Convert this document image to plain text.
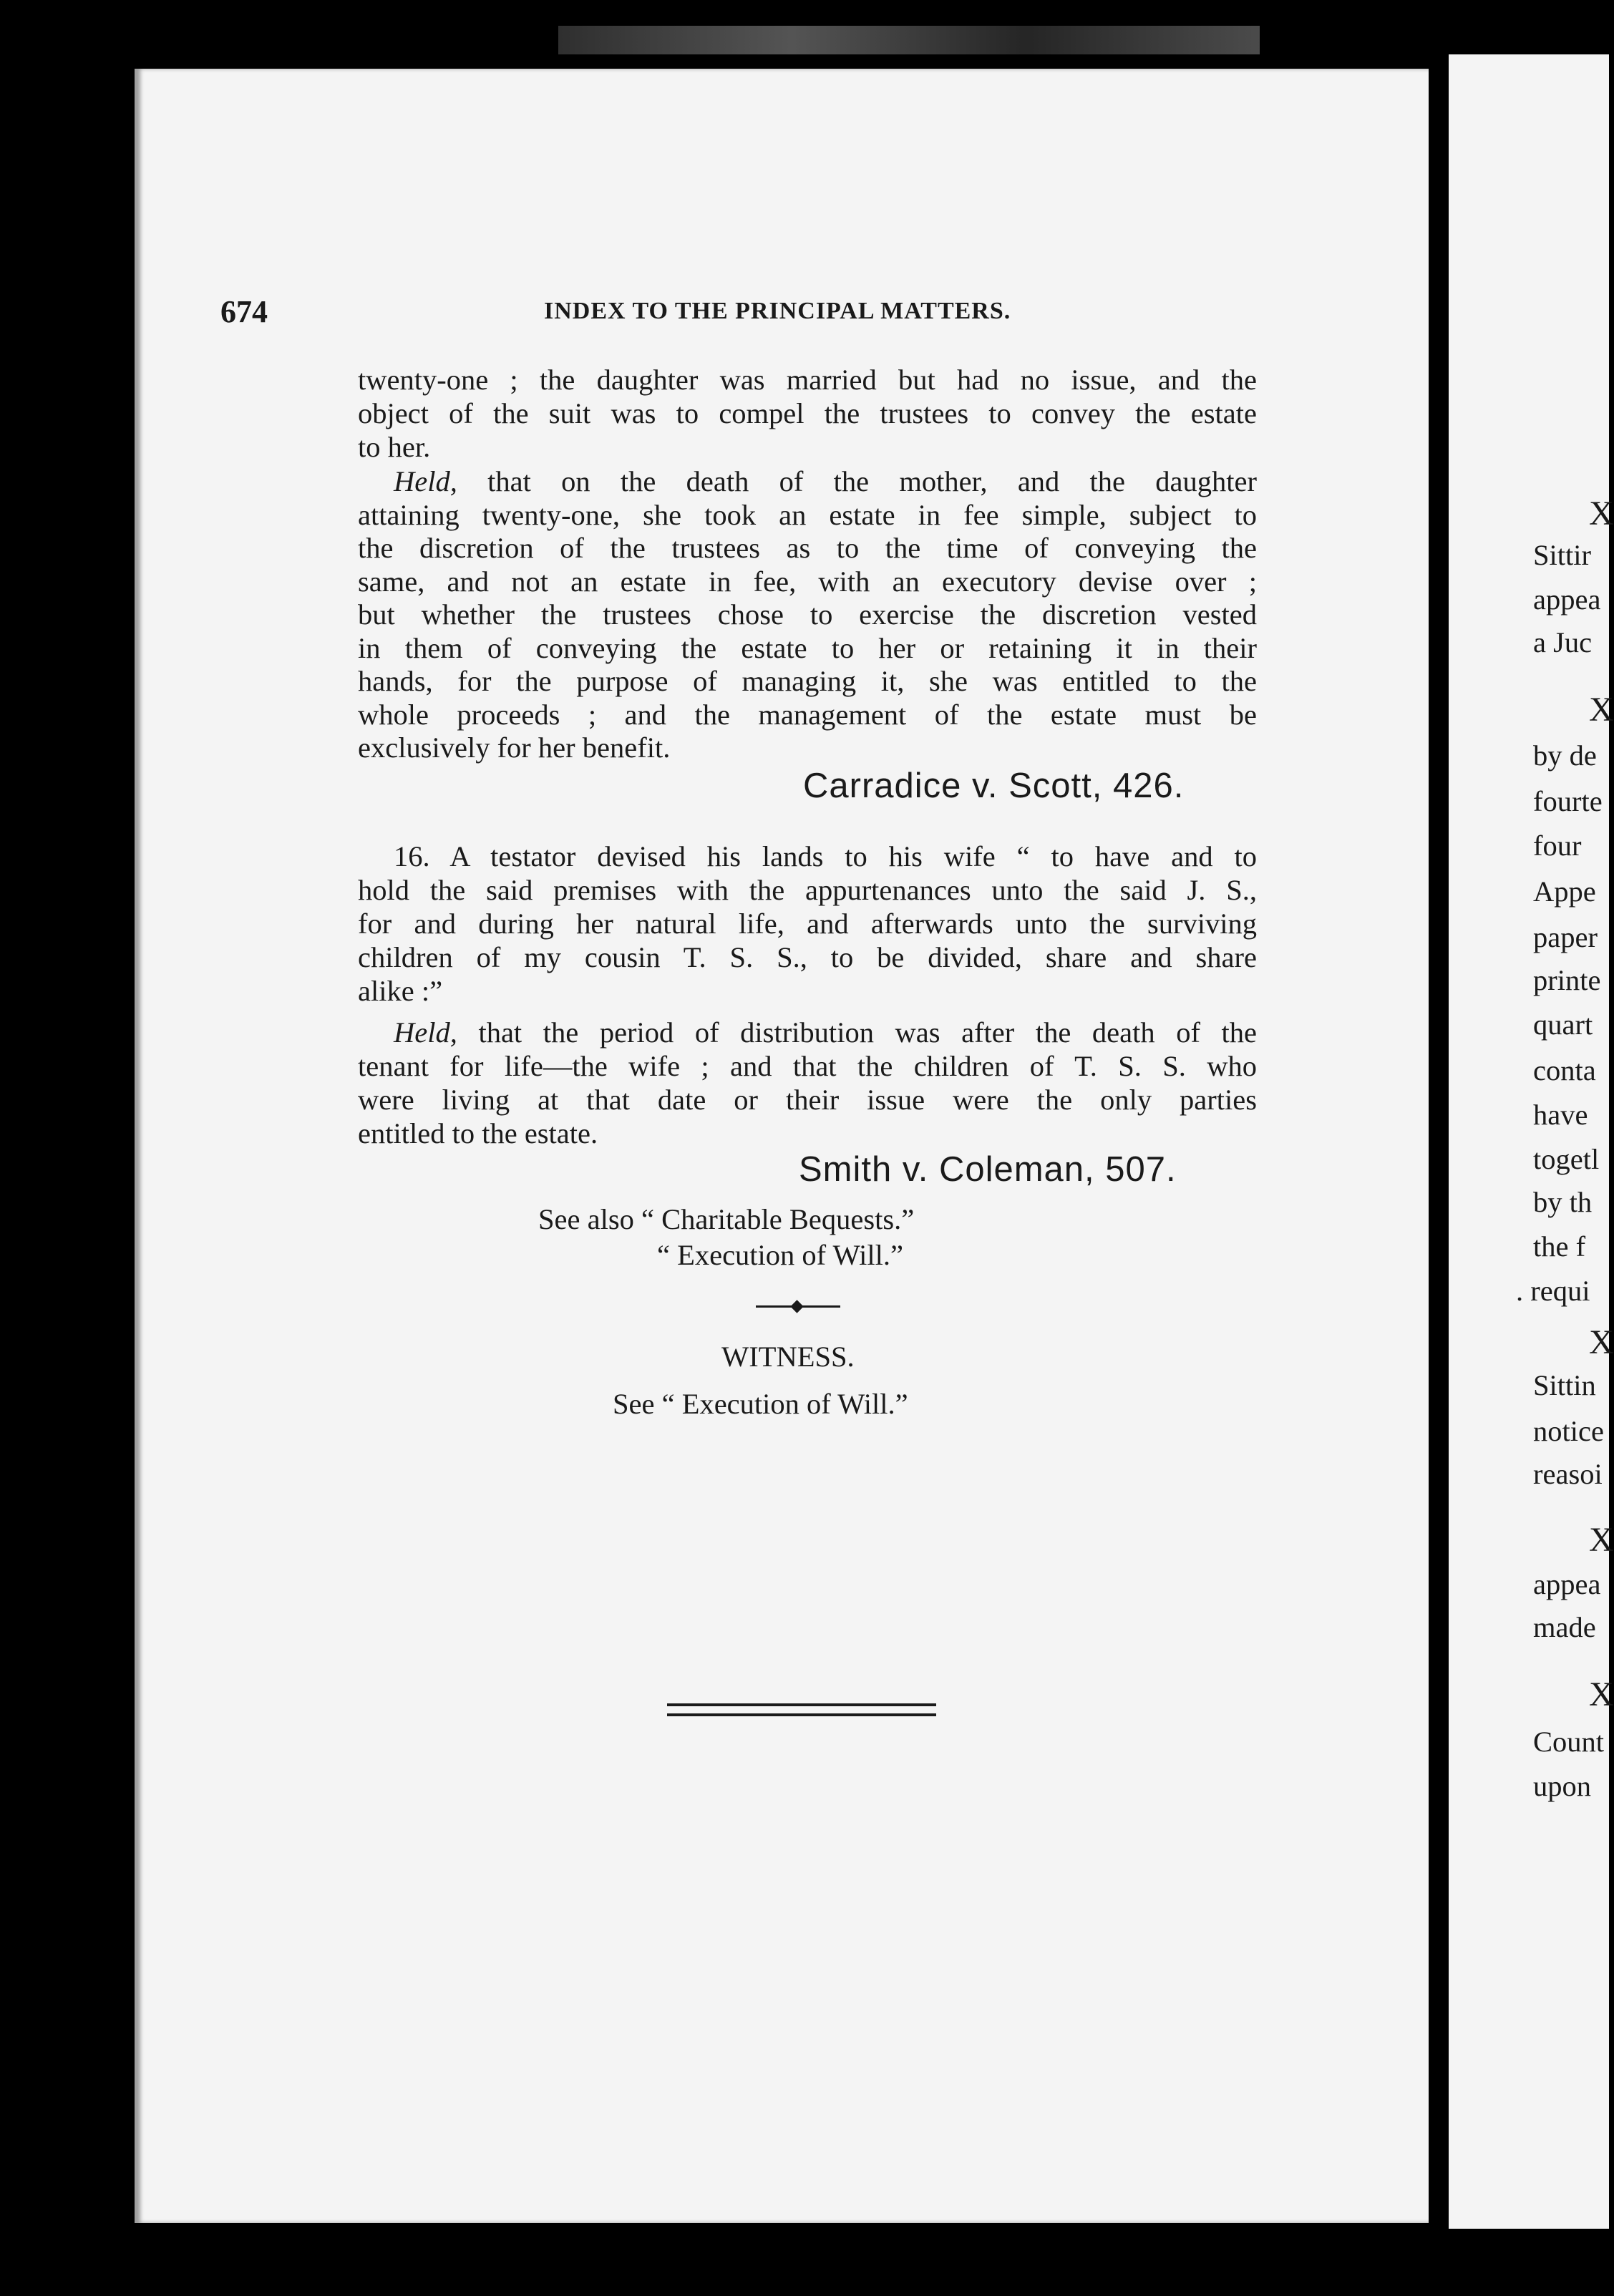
674	INDEX TO THE PRINCIPAL MATTERS.
twenty-one ; the daughter was married but had no issue, and the
object of the suit was to compel the trustees to convey the estate
to her.
Held, that on the death of the mother, and the daughter
attaining twenty-one, she took an estate in fee simple, subject to
the discretion of the trustees as to the time of conveying the
same, and not an estate in fee, with an executory devise over ;
but whether the trustees chose to exercise the discretion vested
in them of conveying the estate to her or retaining it in their
hands, for the purpose of managing it, she was entitled to the
whole proceeds ; and the management of the estate must be
exclusively for her benefit.
Carradice v. Scott, 426.
16. A testator devised his lands to his wife “ to have and to
hold the said premises with the appurtenances unto the said J. S.,
for and during her natural life, and afterwards unto the surviving
children of my cousin T. S. S., to be divided, share and share
alike :”
Held, that the period of distribution was after the death of the
tenant for life—the wife ; and that the children of T. S. S. who
were living at that date or their issue were the only parties
entitled to the estate.
Smith v. Coleman, 507.
See also “ Charitable Bequests.”
“ Execution of Will.”
WITNESS.
See “ Execution of Will.”
X
Sittir
appea
a Juc
X
by de
fourte
four
Appe
paper
printe
quart
conta
have
togetl
by th
the f
. requi
X
Sittin
notice
reasoi
X
appea
made
X
Count
upon
